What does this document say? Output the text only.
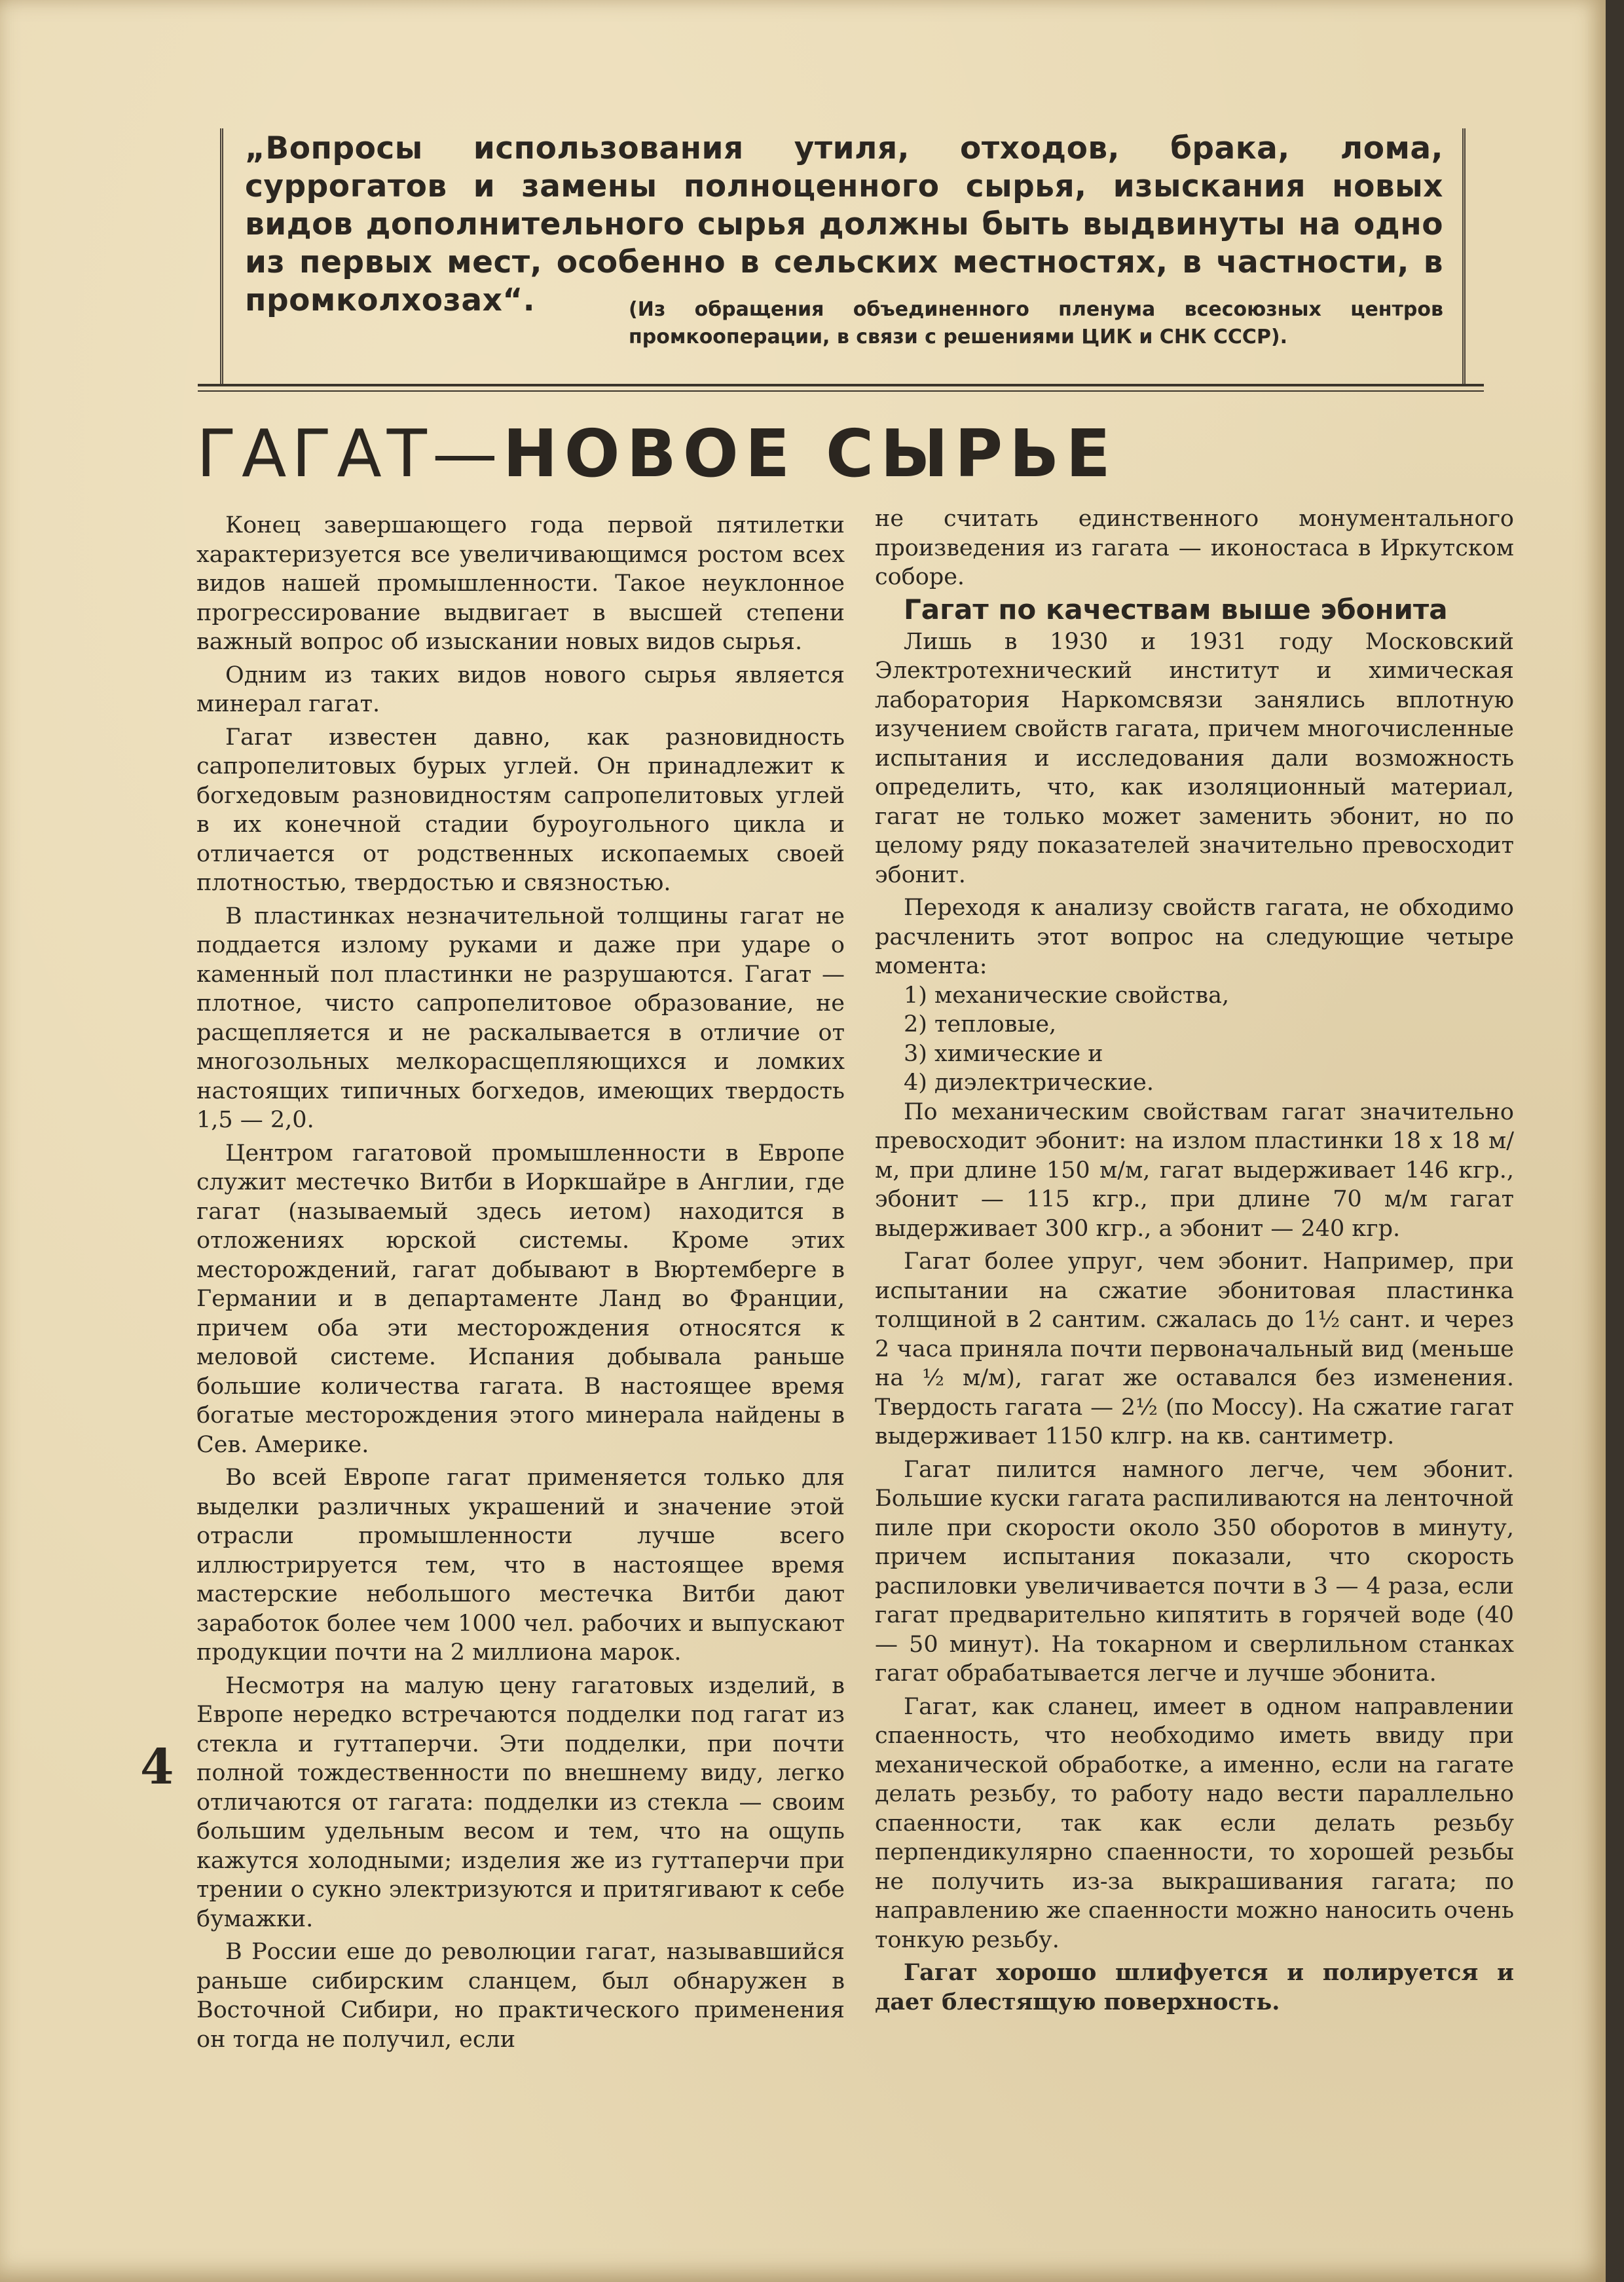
„Вопросы использования утиля, отходов, брака, лома, суррогатов и замены полноценного сырья, изыскания новых видов дополнительного сырья должны быть выдвинуты на одно из первых мест, особенно в сельских местностях, в частности, в промколхозах“.	(Из обращения объединенного пленума всесоюзных центров промкооперации, в связи с решениями ЦИК и СНК СССР).
ГАГАТ—НОВОЕ СЫРЬЕ

Конец завершающего года первой пятилетки характеризуется все увеличивающимся ростом всех видов нашей промышленности. Такое неуклонное прогрессирование выдвигает в высшей степени важный вопрос об изыскании новых видов сырья.

Одним из таких видов нового сырья является минерал гагат.

Гагат известен давно, как разновидность сапропелитовых бурых углей. Он принадлежит к богхедовым разновидностям сапропелитовых углей в их конечной стадии буроугольного цикла и отличается от родственных ископаемых своей плотностью, твердостью и связностью.

В пластинках незначительной толщины гагат не поддается излому руками и даже при ударе о каменный пол пластинки не разрушаются. Гагат — плотное, чисто сапропелитовое образование, не расщепляется и не раскалывается в отличие от многозольных мелкорасщепляющихся и ломких настоящих типичных богхедов, имеющих твердость 1,5 — 2,0.

Центром гагатовой промышленности в Европе служит местечко Витби в Иоркшайре в Англии, где гагат (называемый здесь иетом) находится в отложениях юрской системы. Кроме этих месторождений, гагат добывают в Вюртемберге в Германии и в департаменте Ланд во Франции, причем оба эти месторождения относятся к меловой системе. Испания добывала раньше большие количества гагата. В настоящее время богатые месторождения этого минерала найдены в Сев. Америке.

Во всей Европе гагат применяется только для выделки различных украшений и значение этой отрасли промышленности лучше всего иллюстрируется тем, что в настоящее время мастерские небольшого местечка Витби дают заработок более чем 1000 чел. рабочих и выпускают продукции почти на 2 миллиона марок.

Несмотря на малую цену гагатовых изделий, в Европе нередко встречаются подделки под гагат из стекла и гуттаперчи. Эти подделки, при почти полной тождественности по внешнему виду, легко отличаются от гагата: подделки из стекла — своим большим удельным весом и тем, что на ощупь кажутся холодными; изделия же из гуттаперчи при трении о сукно электризуются и притягивают к себе бумажки.

В России еше до революции гагат, называвшийся раньше сибирским сланцем, был обнаружен в Восточной Сибири, но практического применения он тогда не получил, если

4

не считать единственного монументального произведения из гагата — иконостаса в Иркутском соборе.

Гагат по качествам выше эбонита

Лишь в 1930 и 1931 году Московский Электротехнический институт и химическая лаборатория Наркомсвязи занялись вплотную изучением свойств гагата, причем многочисленные испытания и исследования дали возможность определить, что, как изоляционный материал, гагат не только может заменить эбонит, но по целому ряду показателей значительно превосходит эбонит.

Переходя к анализу свойств гагата, не обходимо расчленить этот вопрос на следующие четыре момента:

1) механические свойства,

2) тепловые,

3) химические и

4) диэлектрические.

По механическим свойствам гагат значительно превосходит эбонит: на излом пластинки 18 х 18 м/м, при длине 150 м/м, гагат выдерживает 146 кгр., эбонит — 115 кгр., при длине 70 м/м гагат выдерживает 300 кгр., а эбонит — 240 кгр.

Гагат более упруг, чем эбонит. Например, при испытании на сжатие эбонитовая пластинка толщиной в 2 сантим. сжалась до 1½ сант. и через 2 часа приняла почти первоначальный вид (меньше на ½ м/м), гагат же оставался без изменения. Твердость гагата — 2½ (по Моссу). На сжатие гагат выдерживает 1150 клгр. на кв. сантиметр.

Гагат пилится намного легче, чем эбонит. Большие куски гагата распиливаются на ленточной пиле при скорости около 350 оборотов в минуту, причем испытания показали, что скорость распиловки увеличивается почти в 3 — 4 раза, если гагат предварительно кипятить в горячей воде (40 — 50 минут). На токарном и сверлильном станках гагат обрабатывается легче и лучше эбонита.

Гагат, как сланец, имеет в одном направлении спаенность, что необходимо иметь ввиду при механической обработке, а именно, если на гагате делать резьбу, то работу надо вести параллельно спаенности, так как если делать резьбу перпендикулярно спаенности, то хорошей резьбы не получить из-за выкрашивания гагата; по направлению же спаенности можно наносить очень тонкую резьбу.

Гагат хорошо шлифуется и полируется и дает блестящую поверхность.
